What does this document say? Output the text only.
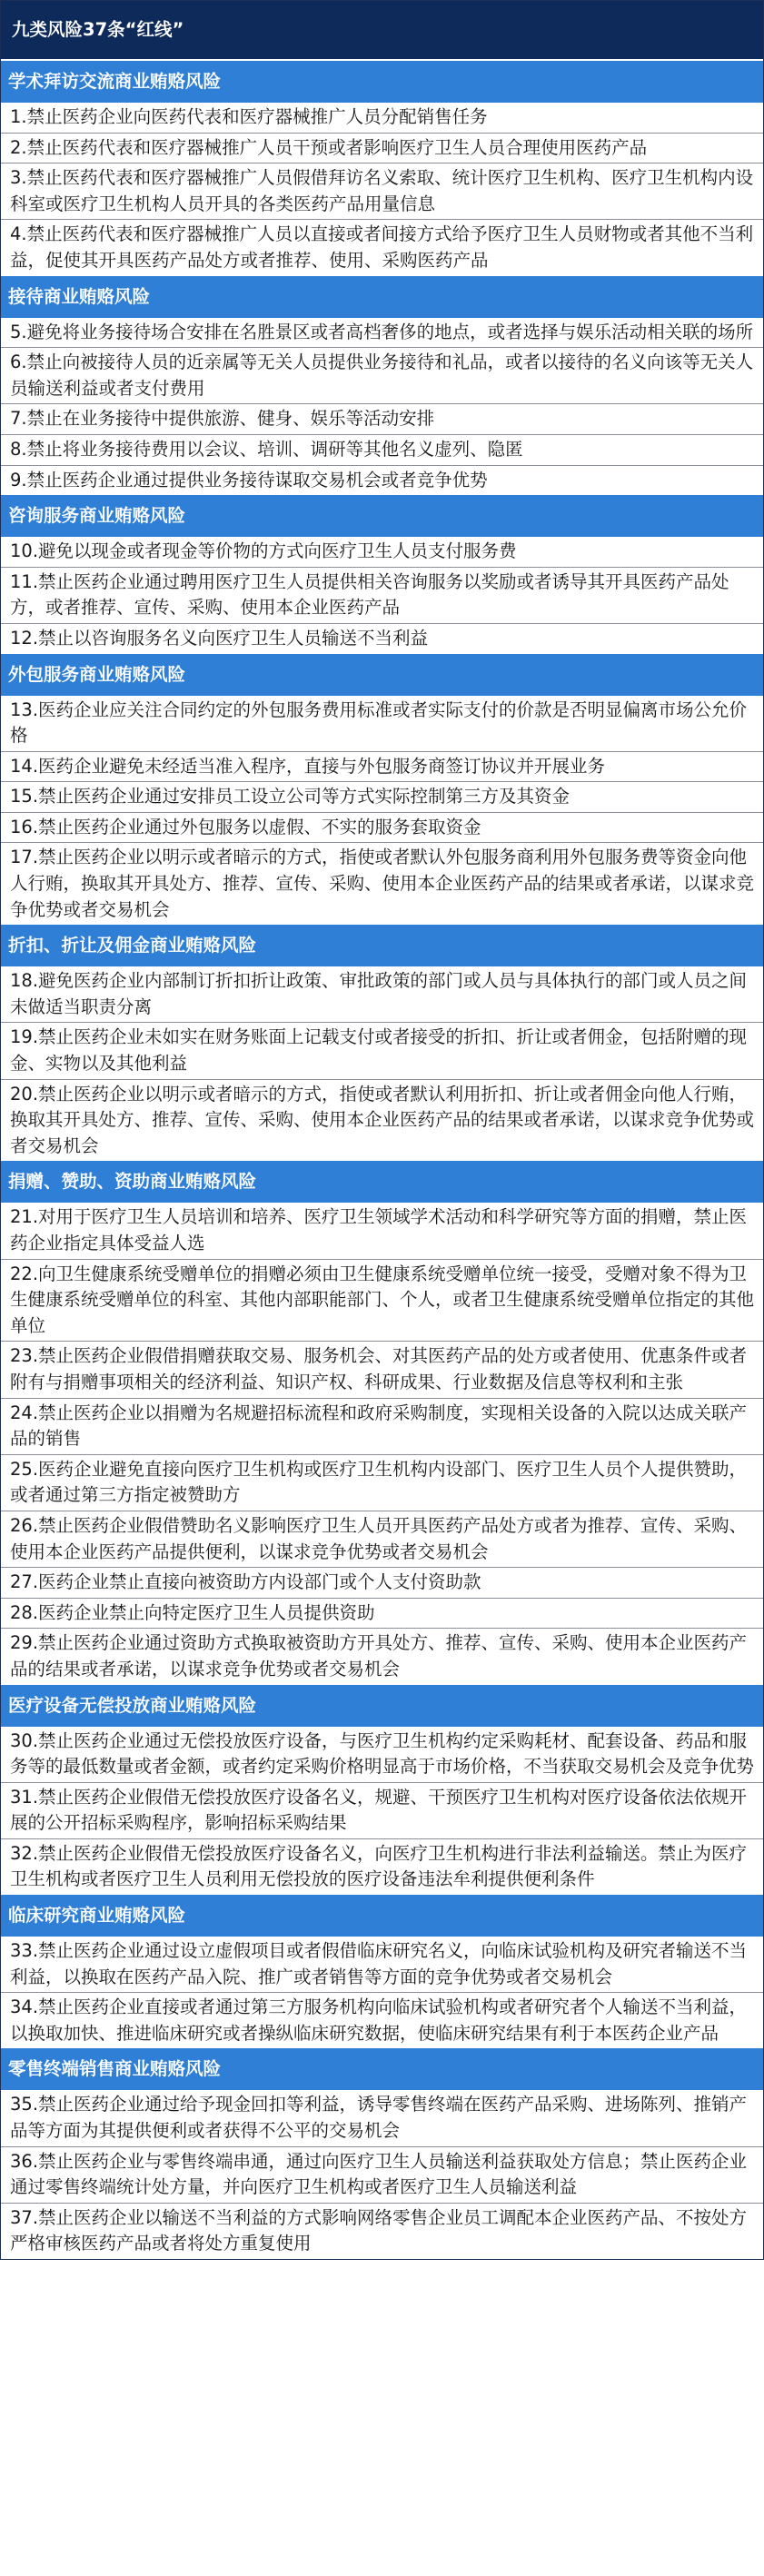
九类风险37条“红线”
学术拜访交流商业贿赂风险
1.禁止医药企业向医药代表和医疗器械推广人员分配销售任务
2.禁止医药代表和医疗器械推广人员干预或者影响医疗卫生人员合理使用医药产品
3.禁止医药代表和医疗器械推广人员假借拜访名义索取、统计医疗卫生机构、医疗卫生机构内设科室或医疗卫生机构人员开具的各类医药产品用量信息
4.禁止医药代表和医疗器械推广人员以直接或者间接方式给予医疗卫生人员财物或者其他不当利益，促使其开具医药产品处方或者推荐、使用、采购医药产品
接待商业贿赂风险
5.避免将业务接待场合安排在名胜景区或者高档奢侈的地点，或者选择与娱乐活动相关联的场所
6.禁止向被接待人员的近亲属等无关人员提供业务接待和礼品，或者以接待的名义向该等无关人员输送利益或者支付费用
7.禁止在业务接待中提供旅游、健身、娱乐等活动安排
8.禁止将业务接待费用以会议、培训、调研等其他名义虚列、隐匿
9.禁止医药企业通过提供业务接待谋取交易机会或者竞争优势
咨询服务商业贿赂风险
10.避免以现金或者现金等价物的方式向医疗卫生人员支付服务费
11.禁止医药企业通过聘用医疗卫生人员提供相关咨询服务以奖励或者诱导其开具医药产品处方，或者推荐、宣传、采购、使用本企业医药产品
12.禁止以咨询服务名义向医疗卫生人员输送不当利益
外包服务商业贿赂风险
13.医药企业应关注合同约定的外包服务费用标准或者实际支付的价款是否明显偏离市场公允价格
14.医药企业避免未经适当准入程序，直接与外包服务商签订协议并开展业务
15.禁止医药企业通过安排员工设立公司等方式实际控制第三方及其资金
16.禁止医药企业通过外包服务以虚假、不实的服务套取资金
17.禁止医药企业以明示或者暗示的方式，指使或者默认外包服务商利用外包服务费等资金向他人行贿，换取其开具处方、推荐、宣传、采购、使用本企业医药产品的结果或者承诺，以谋求竞争优势或者交易机会
折扣、折让及佣金商业贿赂风险
18.避免医药企业内部制订折扣折让政策、审批政策的部门或人员与具体执行的部门或人员之间未做适当职责分离
19.禁止医药企业未如实在财务账面上记载支付或者接受的折扣、折让或者佣金，包括附赠的现金、实物以及其他利益
20.禁止医药企业以明示或者暗示的方式，指使或者默认利用折扣、折让或者佣金向他人行贿，换取其开具处方、推荐、宣传、采购、使用本企业医药产品的结果或者承诺，以谋求竞争优势或者交易机会
捐赠、赞助、资助商业贿赂风险
21.对用于医疗卫生人员培训和培养、医疗卫生领域学术活动和科学研究等方面的捐赠，禁止医药企业指定具体受益人选
22.向卫生健康系统受赠单位的捐赠必须由卫生健康系统受赠单位统一接受，受赠对象不得为卫生健康系统受赠单位的科室、其他内部职能部门、个人，或者卫生健康系统受赠单位指定的其他单位
23.禁止医药企业假借捐赠获取交易、服务机会、对其医药产品的处方或者使用、优惠条件或者附有与捐赠事项相关的经济利益、知识产权、科研成果、行业数据及信息等权利和主张
24.禁止医药企业以捐赠为名规避招标流程和政府采购制度，实现相关设备的入院以达成关联产品的销售
25.医药企业避免直接向医疗卫生机构或医疗卫生机构内设部门、医疗卫生人员个人提供赞助，或者通过第三方指定被赞助方
26.禁止医药企业假借赞助名义影响医疗卫生人员开具医药产品处方或者为推荐、宣传、采购、使用本企业医药产品提供便利，以谋求竞争优势或者交易机会
27.医药企业禁止直接向被资助方内设部门或个人支付资助款
28.医药企业禁止向特定医疗卫生人员提供资助
29.禁止医药企业通过资助方式换取被资助方开具处方、推荐、宣传、采购、使用本企业医药产品的结果或者承诺，以谋求竞争优势或者交易机会
医疗设备无偿投放商业贿赂风险
30.禁止医药企业通过无偿投放医疗设备，与医疗卫生机构约定采购耗材、配套设备、药品和服务等的最低数量或者金额，或者约定采购价格明显高于市场价格，不当获取交易机会及竞争优势
31.禁止医药企业假借无偿投放医疗设备名义，规避、干预医疗卫生机构对医疗设备依法依规开展的公开招标采购程序，影响招标采购结果
32.禁止医药企业假借无偿投放医疗设备名义，向医疗卫生机构进行非法利益输送。禁止为医疗卫生机构或者医疗卫生人员利用无偿投放的医疗设备违法牟利提供便利条件
临床研究商业贿赂风险
33.禁止医药企业通过设立虚假项目或者假借临床研究名义，向临床试验机构及研究者输送不当利益，以换取在医药产品入院、推广或者销售等方面的竞争优势或者交易机会
34.禁止医药企业直接或者通过第三方服务机构向临床试验机构或者研究者个人输送不当利益，以换取加快、推进临床研究或者操纵临床研究数据，使临床研究结果有利于本医药企业产品
零售终端销售商业贿赂风险
35.禁止医药企业通过给予现金回扣等利益，诱导零售终端在医药产品采购、进场陈列、推销产品等方面为其提供便利或者获得不公平的交易机会
36.禁止医药企业与零售终端串通，通过向医疗卫生人员输送利益获取处方信息；禁止医药企业通过零售终端统计处方量，并向医疗卫生机构或者医疗卫生人员输送利益
37.禁止医药企业以输送不当利益的方式影响网络零售企业员工调配本企业医药产品、不按处方严格审核医药产品或者将处方重复使用
